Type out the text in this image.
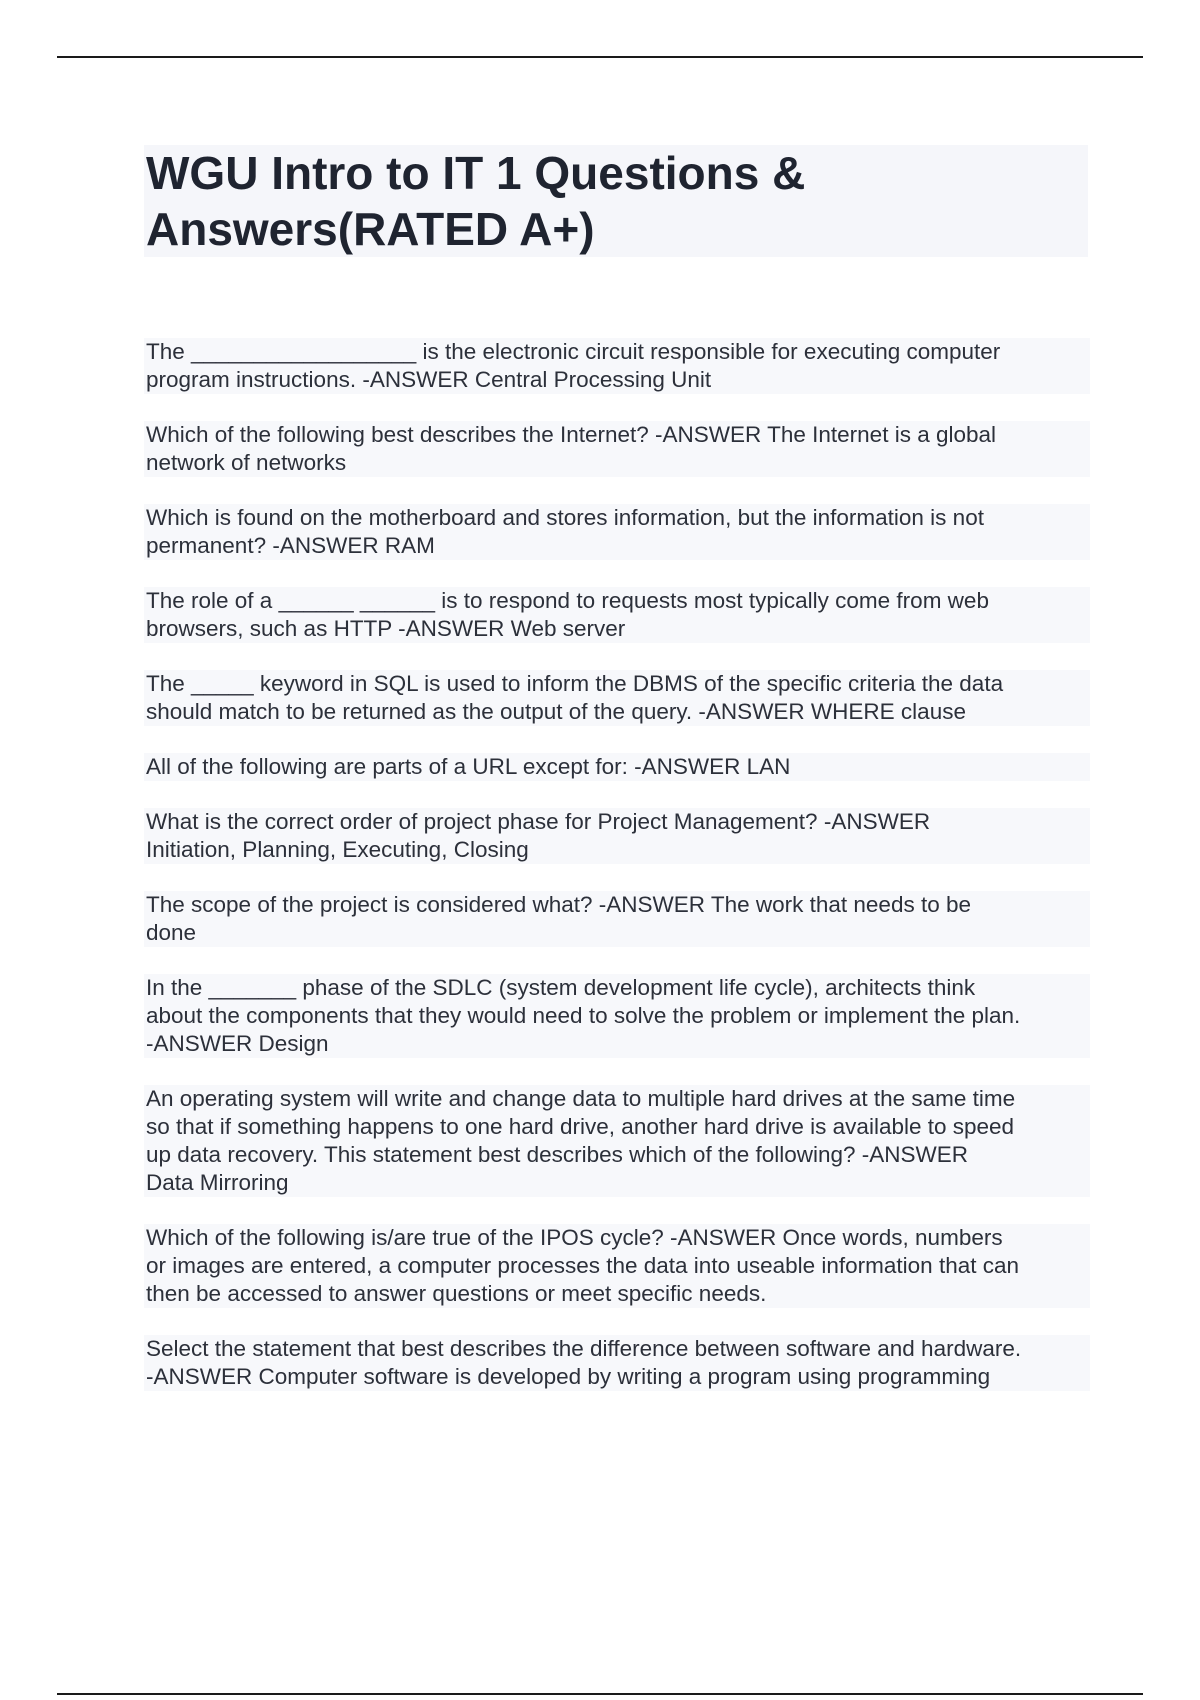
WGU Intro to IT 1 Questions &
Answers(RATED A+)
The __________________ is the electronic circuit responsible for executing computer
program instructions. -ANSWER Central Processing Unit
Which of the following best describes the Internet? -ANSWER The Internet is a global
network of networks
Which is found on the motherboard and stores information, but the information is not
permanent? -ANSWER RAM
The role of a ______ ______ is to respond to requests most typically come from web
browsers, such as HTTP -ANSWER Web server
The _____ keyword in SQL is used to inform the DBMS of the specific criteria the data
should match to be returned as the output of the query. -ANSWER WHERE clause
All of the following are parts of a URL except for: -ANSWER LAN
What is the correct order of project phase for Project Management? -ANSWER
Initiation, Planning, Executing, Closing
The scope of the project is considered what? -ANSWER The work that needs to be
done
In the _______ phase of the SDLC (system development life cycle), architects think
about the components that they would need to solve the problem or implement the plan.
-ANSWER Design
An operating system will write and change data to multiple hard drives at the same time
so that if something happens to one hard drive, another hard drive is available to speed
up data recovery. This statement best describes which of the following? -ANSWER
Data Mirroring
Which of the following is/are true of the IPOS cycle? -ANSWER Once words, numbers
or images are entered, a computer processes the data into useable information that can
then be accessed to answer questions or meet specific needs.
Select the statement that best describes the difference between software and hardware.
-ANSWER Computer software is developed by writing a program using programming
